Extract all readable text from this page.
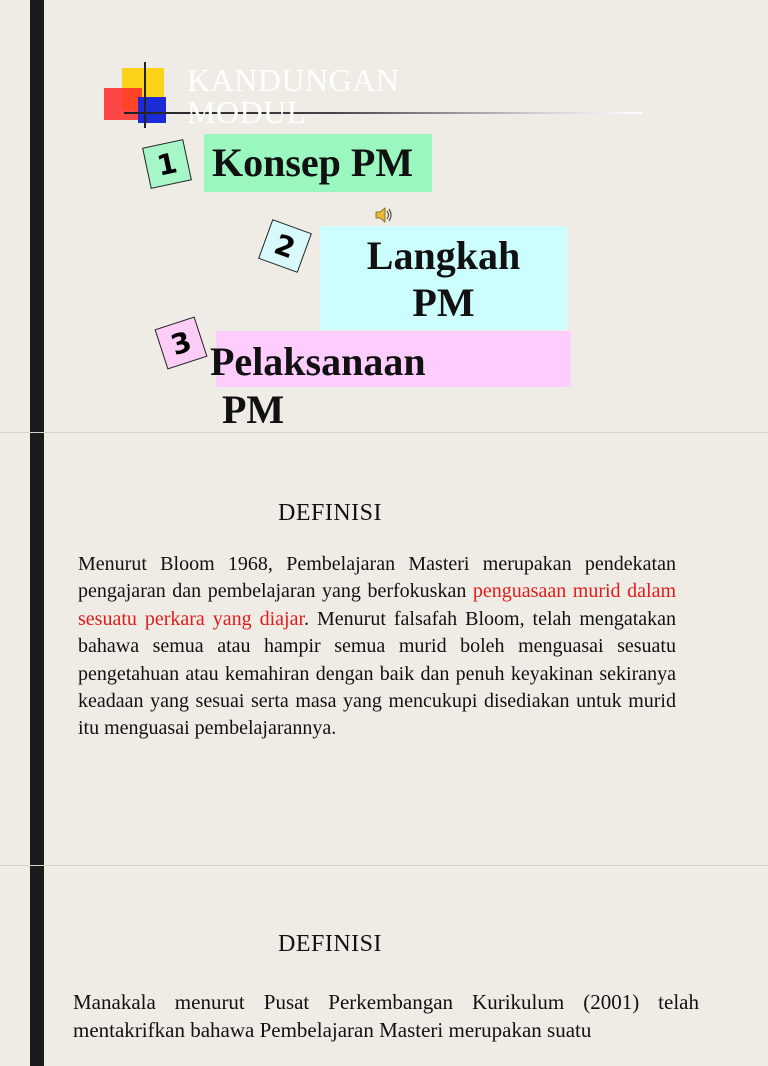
KANDUNGAN
MODUL
Konsep PM
1
Langkah
PM
2
Pelaksanaan
PM
3
DEFINISI
Menurut Bloom 1968, Pembelajaran Masteri merupakan pendekatan pengajaran dan pembelajaran yang berfokuskan penguasaan murid dalam sesuatu perkara yang diajar. Menurut falsafah Bloom, telah mengatakan bahawa semua atau hampir semua murid boleh menguasai sesuatu pengetahuan atau kemahiran dengan baik dan penuh keyakinan sekiranya keadaan yang sesuai serta masa yang mencukupi disediakan untuk murid itu menguasai pembelajarannya.
DEFINISI
Manakala menurut Pusat Perkembangan Kurikulum (2001) telah mentakrifkan bahawa Pembelajaran Masteri merupakan suatu
